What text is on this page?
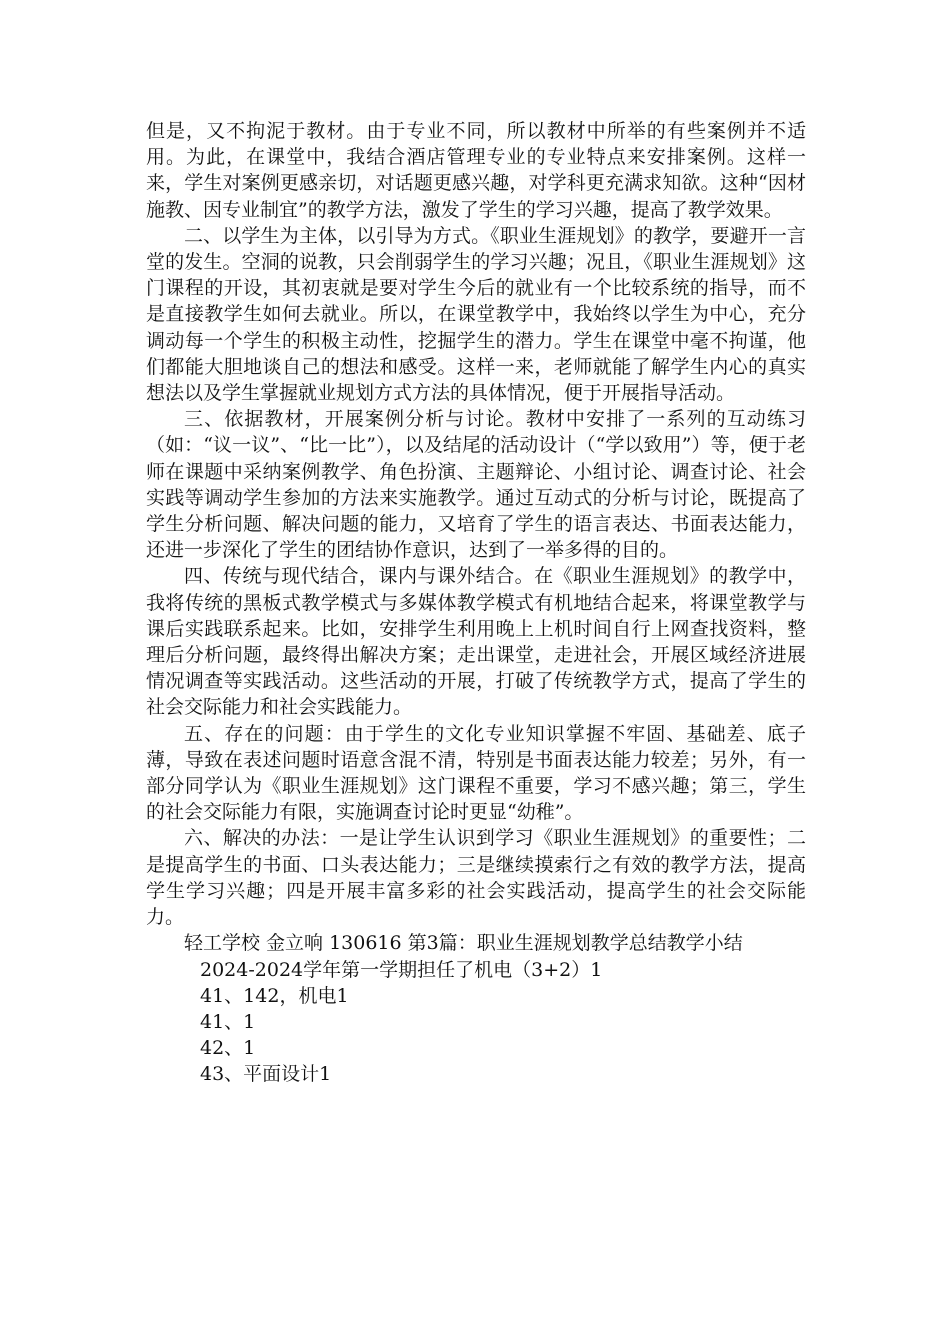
但是，又不拘泥于教材。由于专业不同，所以教材中所举的有些案例并不适用。为此，在课堂中，我结合酒店管理专业的专业特点来安排案例。这样一来，学生对案例更感亲切，对话题更感兴趣，对学科更充满求知欲。这种“因材施教、因专业制宜”的教学方法，激发了学生的学习兴趣，提高了教学效果。

二、以学生为主体，以引导为方式。《职业生涯规划》的教学，要避开一言堂的发生。空洞的说教，只会削弱学生的学习兴趣；况且，《职业生涯规划》这门课程的开设，其初衷就是要对学生今后的就业有一个比较系统的指导，而不是直接教学生如何去就业。所以，在课堂教学中，我始终以学生为中心，充分调动每一个学生的积极主动性，挖掘学生的潜力。学生在课堂中毫不拘谨，他们都能大胆地谈自己的想法和感受。这样一来，老师就能了解学生内心的真实想法以及学生掌握就业规划方式方法的具体情况，便于开展指导活动。

三、依据教材，开展案例分析与讨论。教材中安排了一系列的互动练习（如：“议一议”、“比一比”），以及结尾的活动设计（“学以致用”）等，便于老师在课题中采纳案例教学、角色扮演、主题辩论、小组讨论、调查讨论、社会实践等调动学生参加的方法来实施教学。通过互动式的分析与讨论，既提高了学生分析问题、解决问题的能力，又培育了学生的语言表达、书面表达能力，还进一步深化了学生的团结协作意识，达到了一举多得的目的。

四、传统与现代结合，课内与课外结合。在《职业生涯规划》的教学中，我将传统的黑板式教学模式与多媒体教学模式有机地结合起来，将课堂教学与课后实践联系起来。比如，安排学生利用晚上上机时间自行上网查找资料，整理后分析问题，最终得出解决方案；走出课堂，走进社会，开展区域经济进展情况调查等实践活动。这些活动的开展，打破了传统教学方式，提高了学生的社会交际能力和社会实践能力。

五、存在的问题：由于学生的文化专业知识掌握不牢固、基础差、底子薄，导致在表述问题时语意含混不清，特别是书面表达能力较差；另外，有一部分同学认为《职业生涯规划》这门课程不重要，学习不感兴趣；第三，学生的社会交际能力有限，实施调查讨论时更显“幼稚”。

六、解决的办法：一是让学生认识到学习《职业生涯规划》的重要性；二是提高学生的书面、口头表达能力；三是继续摸索行之有效的教学方法，提高学生学习兴趣；四是开展丰富多彩的社会实践活动，提高学生的社会交际能力。

轻工学校 金立响 130616 第3篇：职业生涯规划教学总结教学小结

2024-2024学年第一学期担任了机电（3+2）1
41、142，机电1
41、1
42、1
43、平面设计1
